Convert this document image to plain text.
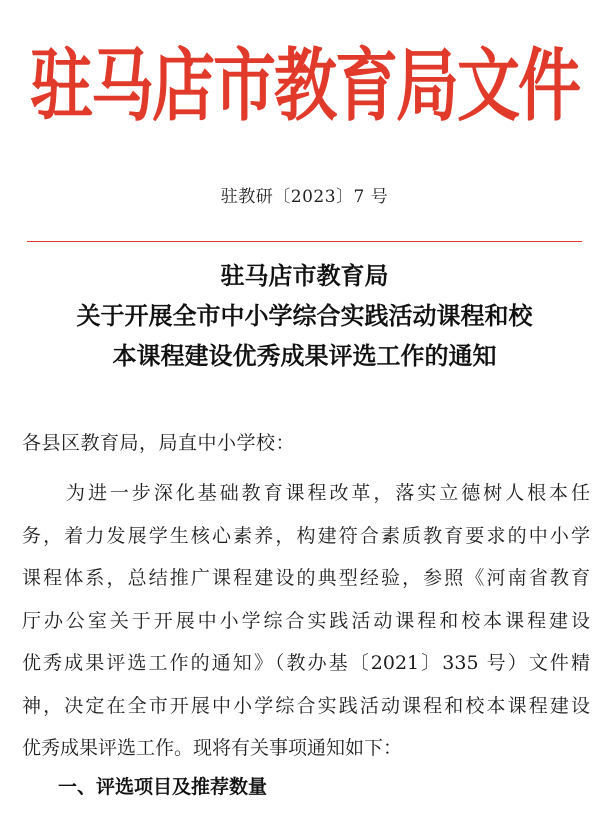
驻马店市教育局文件
驻教研〔2023〕7 号
驻马店市教育局
关于开展全市中小学综合实践活动课程和校
本课程建设优秀成果评选工作的通知
各县区教育局，局直中小学校：
为进一步深化基础教育课程改革，落实立德树人根本任
务，着力发展学生核心素养，构建符合素质教育要求的中小学
课程体系，总结推广课程建设的典型经验，参照《河南省教育
厅办公室关于开展中小学综合实践活动课程和校本课程建设
优秀成果评选工作的通知》（教办基〔2021〕335 号）文件精
神，决定在全市开展中小学综合实践活动课程和校本课程建设
优秀成果评选工作。现将有关事项通知如下：
一、评选项目及推荐数量
